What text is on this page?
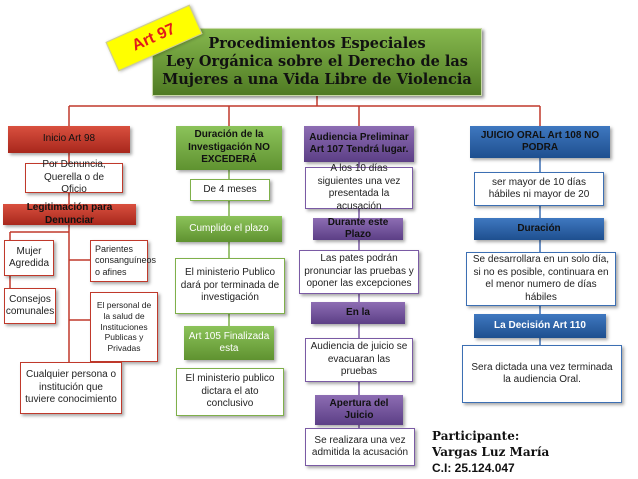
Procedimientos Especiales
Ley Orgánica sobre el Derecho de las
Mujeres a una Vida Libre de Violencia
Art 97
Inicio Art 98
Por Denuncia, Querella o de Oficio
Legitimación para Denunciar
Mujer Agredida
Parientes consanguíneos o afines
Consejos comunales
El personal de la salud de Instituciones Publicas y Privadas
Cualquier persona o institución que tuviere conocimiento
Duración de la Investigación NO EXCEDERÁ
De 4 meses
Cumplido el plazo
El ministerio Publico dará por terminada de investigación
Art 105 Finalizada esta
El ministerio publico dictara el ato conclusivo
Audiencia Preliminar Art 107 Tendrá lugar.
A los 10 días siguientes una vez presentada la acusación
Durante este Plazo
Las pates podrán pronunciar las pruebas y oponer las excepciones
En la
Audiencia de juicio se evacuaran las pruebas
Apertura del Juicio
Se realizara una vez admitida la acusación
JUICIO ORAL Art 108 NO PODRA
ser mayor de 10 días hábiles ni mayor de 20
Duración
Se desarrollara en un solo día, si no es posible, continuara en el menor numero de días hábiles
La Decisión Art 110
Sera dictada una vez terminada la audiencia Oral.
Participante:
Vargas Luz María
C.I: 25.124.047
